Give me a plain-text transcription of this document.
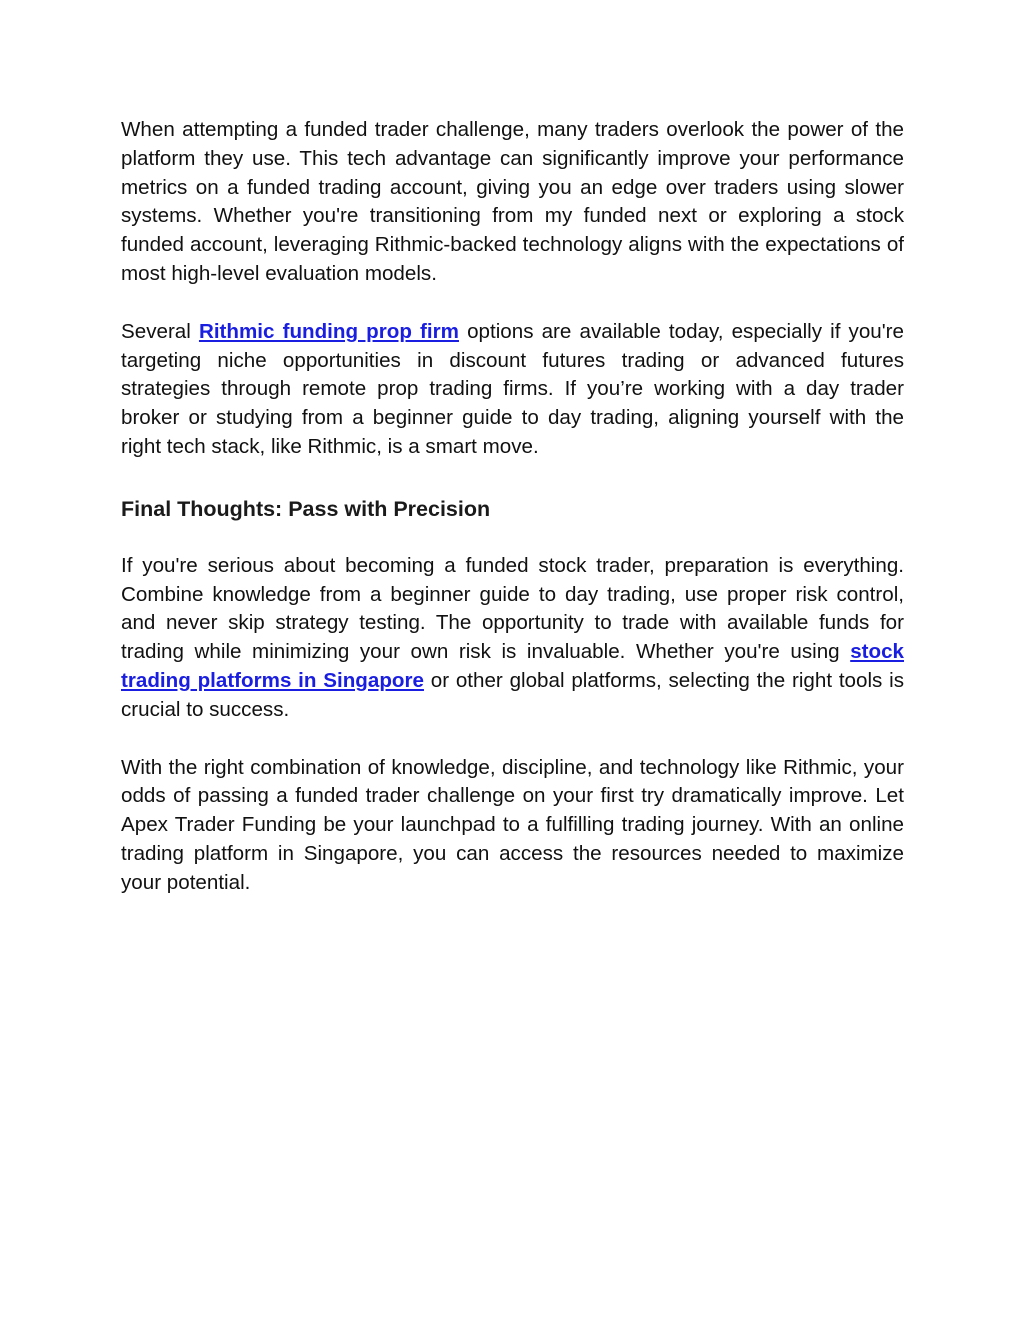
When attempting a funded trader challenge, many traders overlook the power of the platform they use. This tech advantage can significantly improve your performance metrics on a funded trading account, giving you an edge over traders using slower systems. Whether you're transitioning from my funded next or exploring a stock funded account, leveraging Rithmic-backed technology aligns with the expectations of most high-level evaluation models.

Several Rithmic funding prop firm options are available today, especially if you're targeting niche opportunities in discount futures trading or advanced futures strategies through remote prop trading firms. If you’re working with a day trader broker or studying from a beginner guide to day trading, aligning yourself with the right tech stack, like Rithmic, is a smart move.

Final Thoughts: Pass with Precision

If you're serious about becoming a funded stock trader, preparation is everything. Combine knowledge from a beginner guide to day trading, use proper risk control, and never skip strategy testing. The opportunity to trade with available funds for trading while minimizing your own risk is invaluable. Whether you're using stock trading platforms in Singapore or other global platforms, selecting the right tools is crucial to success.

With the right combination of knowledge, discipline, and technology like Rithmic, your odds of passing a funded trader challenge on your first try dramatically improve. Let Apex Trader Funding be your launchpad to a fulfilling trading journey. With an online trading platform in Singapore, you can access the resources needed to maximize your potential.
